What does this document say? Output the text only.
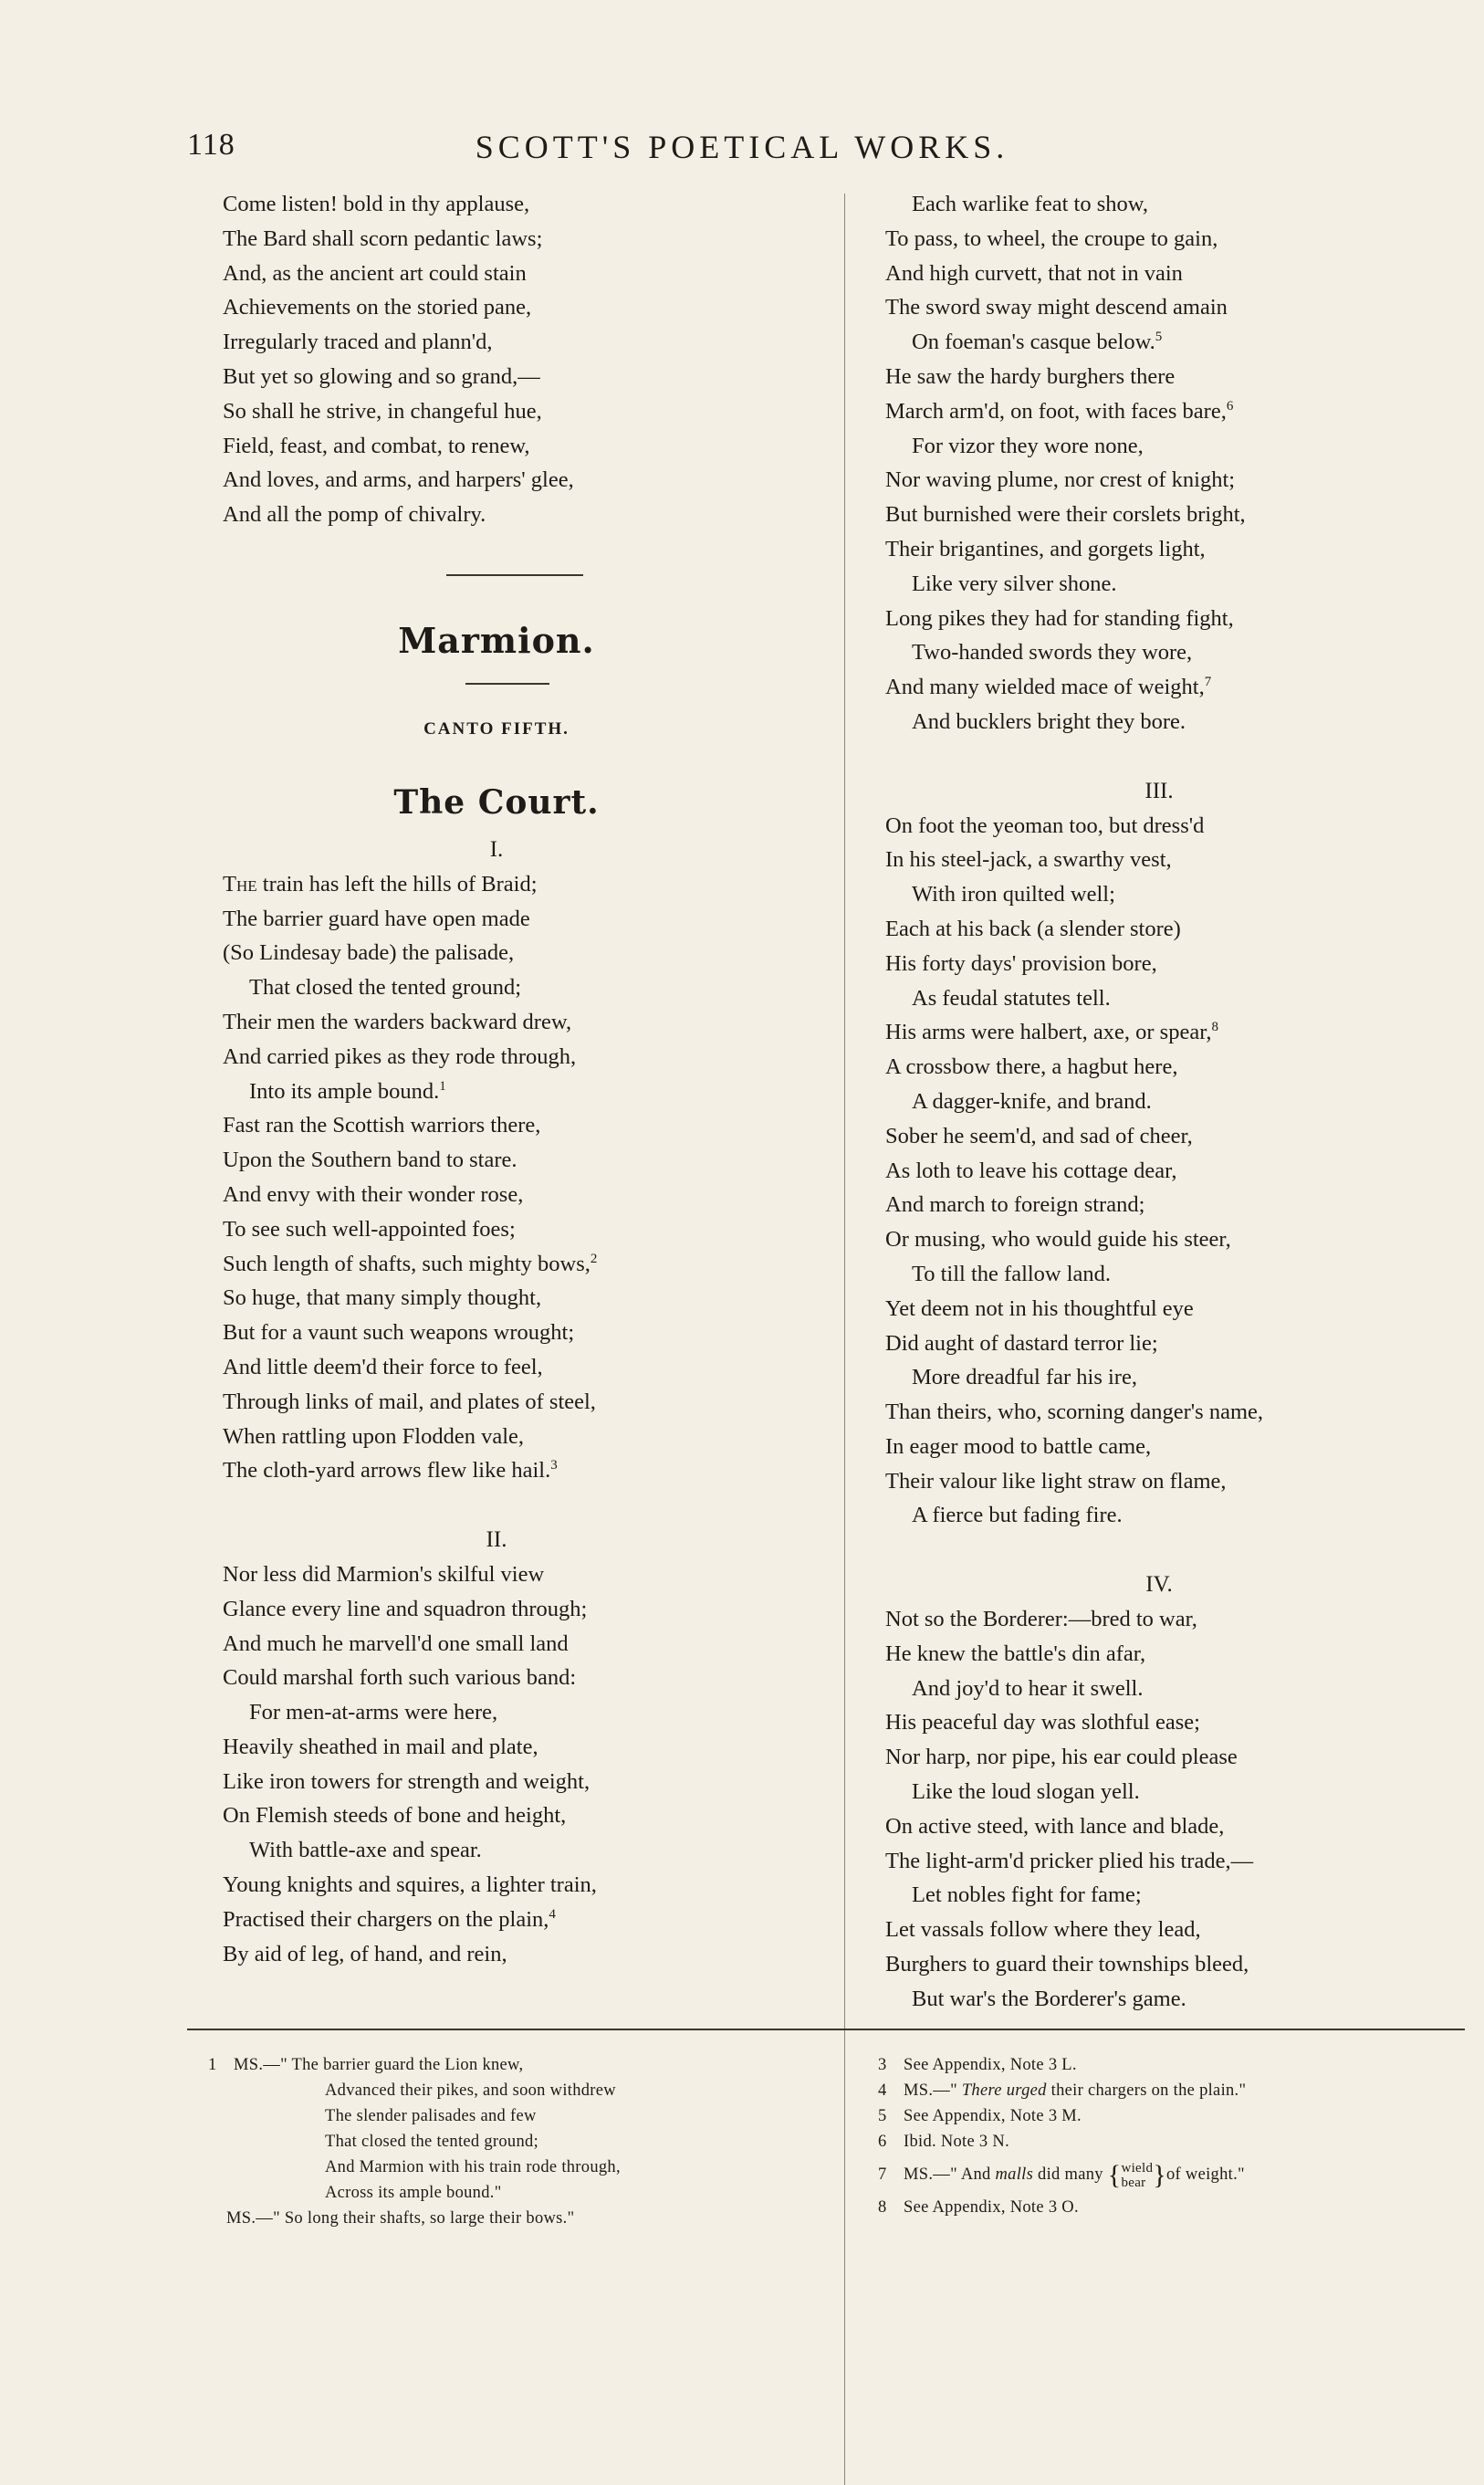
118	SCOTT'S POETICAL WORKS.
Come listen! bold in thy applause,
The Bard shall scorn pedantic laws;
And, as the ancient art could stain
Achievements on the storied pane,
Irregularly traced and plann'd,
But yet so glowing and so grand,—
So shall he strive, in changeful hue,
Field, feast, and combat, to renew,
And loves, and arms, and harpers' glee,
And all the pomp of chivalry.
Marmion.
CANTO FIFTH.
The Court.
I.
The train has left the hills of Braid;
The barrier guard have open made
(So Lindesay bade) the palisade,
That closed the tented ground;
Their men the warders backward drew,
And carried pikes as they rode through,
Into its ample bound.$^1$
Fast ran the Scottish warriors there,
Upon the Southern band to stare.
And envy with their wonder rose,
To see such well-appointed foes;
Such length of shafts, such mighty bows,$^2$
So huge, that many simply thought,
But for a vaunt such weapons wrought;
And little deem'd their force to feel,
Through links of mail, and plates of steel,
When rattling upon Flodden vale,
The cloth-yard arrows flew like hail.$^3$
II.
Nor less did Marmion's skilful view
Glance every line and squadron through;
And much he marvell'd one small land
Could marshal forth such various band:
For men-at-arms were here,
Heavily sheathed in mail and plate,
Like iron towers for strength and weight,
On Flemish steeds of bone and height,
With battle-axe and spear.
Young knights and squires, a lighter train,
Practised their chargers on the plain,$^4$
By aid of leg, of hand, and rein,
Each warlike feat to show,
To pass, to wheel, the croupe to gain,
And high curvett, that not in vain
The sword sway might descend amain
On foeman's casque below.$^5$
He saw the hardy burghers there
March arm'd, on foot, with faces bare,$^6$
For vizor they wore none,
Nor waving plume, nor crest of knight;
But burnished were their corslets bright,
Their brigantines, and gorgets light,
Like very silver shone.
Long pikes they had for standing fight,
Two-handed swords they wore,
And many wielded mace of weight,$^7$
And bucklers bright they bore.
III.
On foot the yeoman too, but dress'd
In his steel-jack, a swarthy vest,
With iron quilted well;
Each at his back (a slender store)
His forty days' provision bore,
As feudal statutes tell.
His arms were halbert, axe, or spear,$^8$
A crossbow there, a hagbut here,
A dagger-knife, and brand.
Sober he seem'd, and sad of cheer,
As loth to leave his cottage dear,
And march to foreign strand;
Or musing, who would guide his steer,
To till the fallow land.
Yet deem not in his thoughtful eye
Did aught of dastard terror lie;
More dreadful far his ire,
Than theirs, who, scorning danger's name,
In eager mood to battle came,
Their valour like light straw on flame,
A fierce but fading fire.
IV.
Not so the Borderer:—bred to war,
He knew the battle's din afar,
And joy'd to hear it swell.
His peaceful day was slothful ease;
Nor harp, nor pipe, his ear could please
Like the loud slogan yell.
On active steed, with lance and blade,
The light-arm'd pricker plied his trade,—
Let nobles fight for fame;
Let vassals follow where they lead,
Burghers to guard their townships bleed,
But war's the Borderer's game.
1 MS.—" The barrier guard the Lion knew,
Advanced their pikes, and soon withdrew
The slender palisades and few
That closed the tented ground;
And Marmion with his train rode through,
Across its ample bound."
MS.—" So long their shafts, so large their bows."
3 See Appendix, Note 3 L.
4 MS.—" There urged their chargers on the plain."
5 See Appendix, Note 3 M.
6 Ibid. Note 3 N.
7 MS.—" And malls did many { wield
bear }of weight."
8 See Appendix, Note 3 O.
